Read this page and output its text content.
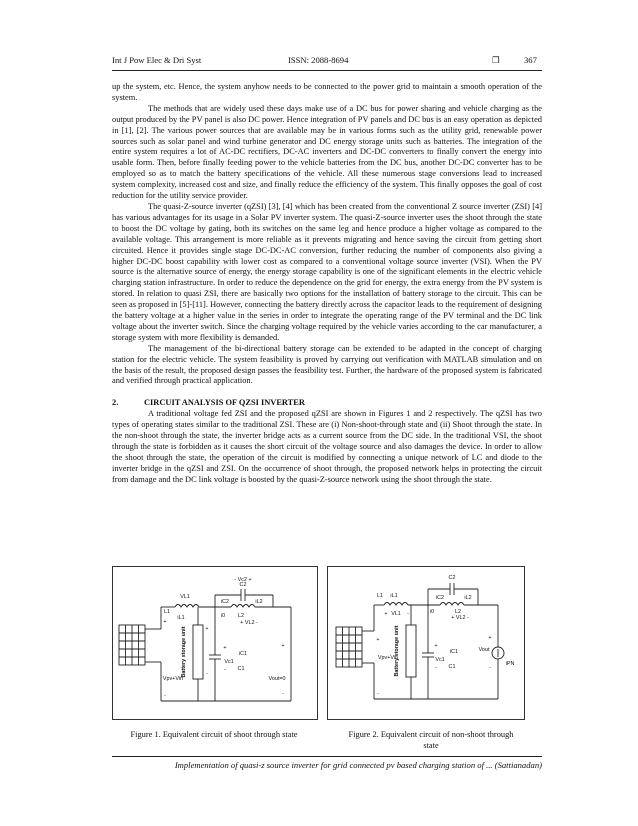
Int J Pow Elec & Dri Syst	ISSN: 2088-8694	❒	367

up the system, etc. Hence, the system anyhow needs to be connected to the power grid to maintain a smooth operation of the system.

The methods that are widely used these days make use of a DC bus for power sharing and vehicle charging as the output produced by the PV panel is also DC power. Hence integration of PV panels and DC bus is an easy operation as depicted in [1], [2]. The various power sources that are available may be in various forms such as the utility grid, renewable power sources such as solar panel and wind turbine generator and DC energy storage units such as batteries. The integration of the entire system requires a lot of AC-DC rectifiers, DC-AC inverters and DC-DC converters to finally convert the energy into usable form. Then, before finally feeding power to the vehicle batteries from the DC bus, another DC-DC converter has to be employed so as to match the battery specifications of the vehicle. All these numerous stage conversions lead to increased system complexity, increased cost and size, and finally reduce the efficiency of the system. This finally opposes the goal of cost reduction for the utility service provider.

The quasi-Z-source inverter (qZSI) [3], [4] which has been created from the conventional Z source inverter (ZSI) [4] has various advantages for its usage in a Solar PV inverter system. The quasi-Z-source inverter uses the shoot through the state to boost the DC voltage by gating, both its switches on the same leg and hence produce a higher voltage as compared to the available voltage. This arrangement is more reliable as it prevents migrating and hence saving the circuit from getting short circuited. Hence it provides single stage DC-DC-AC conversion, further reducing the number of components also giving a higher DC-DC boost capability with lower cost as compared to a conventional voltage source inverter (VSI). When the PV source is the alternative source of energy, the energy storage capability is one of the significant elements in the electric vehicle charging station infrastructure. In order to reduce the dependence on the grid for energy, the extra energy from the PV system is stored. In relation to quasi ZSI, there are basically two options for the installation of battery storage to the circuit. This can be seen as proposed in [5]-[11]. However, connecting the battery directly across the capacitor leads to the requirement of designing the battery voltage at a higher value in the series in order to integrate the operating range of the PV terminal and the DC link voltage about the inverter switch. Since the charging voltage required by the vehicle varies according to the car manufacturer, a storage system with more flexibility is demanded.

The management of the bi-directional battery storage can be extended to be adapted in the concept of charging station for the electric vehicle. The system feasibility is proved by carrying out verification with MATLAB simulation and on the basis of the result, the proposed design passes the feasibility test. Further, the hardware of the proposed system is fabricated and verified through practical application.

2.	CIRCUIT ANALYSIS OF QZSI INVERTER

A traditional voltage fed ZSI and the proposed qZSI are shown in Figures 1 and 2 respectively. The qZSI has two types of operating states similar to the traditional ZSI. These are (i) Non-shoot-through state and (ii) Shoot through the state. In the non-shoot through the state, the inverter bridge acts as a current source from the DC side. In the traditional VSI, the shoot through the state is forbidden as it causes the short circuit of the voltage source and also damages the device. In order to allow the shoot through the state, the operation of the circuit is modified by connecting a unique network of LC and diode to the inverter bridge in the qZSI and ZSI. On the occurrence of shoot through, the proposed network helps in protecting the circuit from damage and the DC link voltage is boosted by the quasi-Z-source network using the shoot through the state.

- Vc2 +
VL1
L1
iL1
iC2
C2
iL2
i0 L2
+ VL2 -
Vc1
iC1
C1
Vpv+Vin	Vout=0
+
-
+
-
+
-
+
-
Battery storage unit
Figure 1. Equivalent circuit of shoot through state
C2
L1 iL1	iC2	iL2
VL1	i0	L2
+ VL2 -
Vc1
iC1
C1
Vpv+Vin
Vout
iPN
+
-
+	-
+
-
+
-
Battery storage unit
Figure 2. Equivalent circuit of non-shoot through state
Implementation of quasi-z source inverter for grid connected pv based charging station of ... (Sattianadan)
